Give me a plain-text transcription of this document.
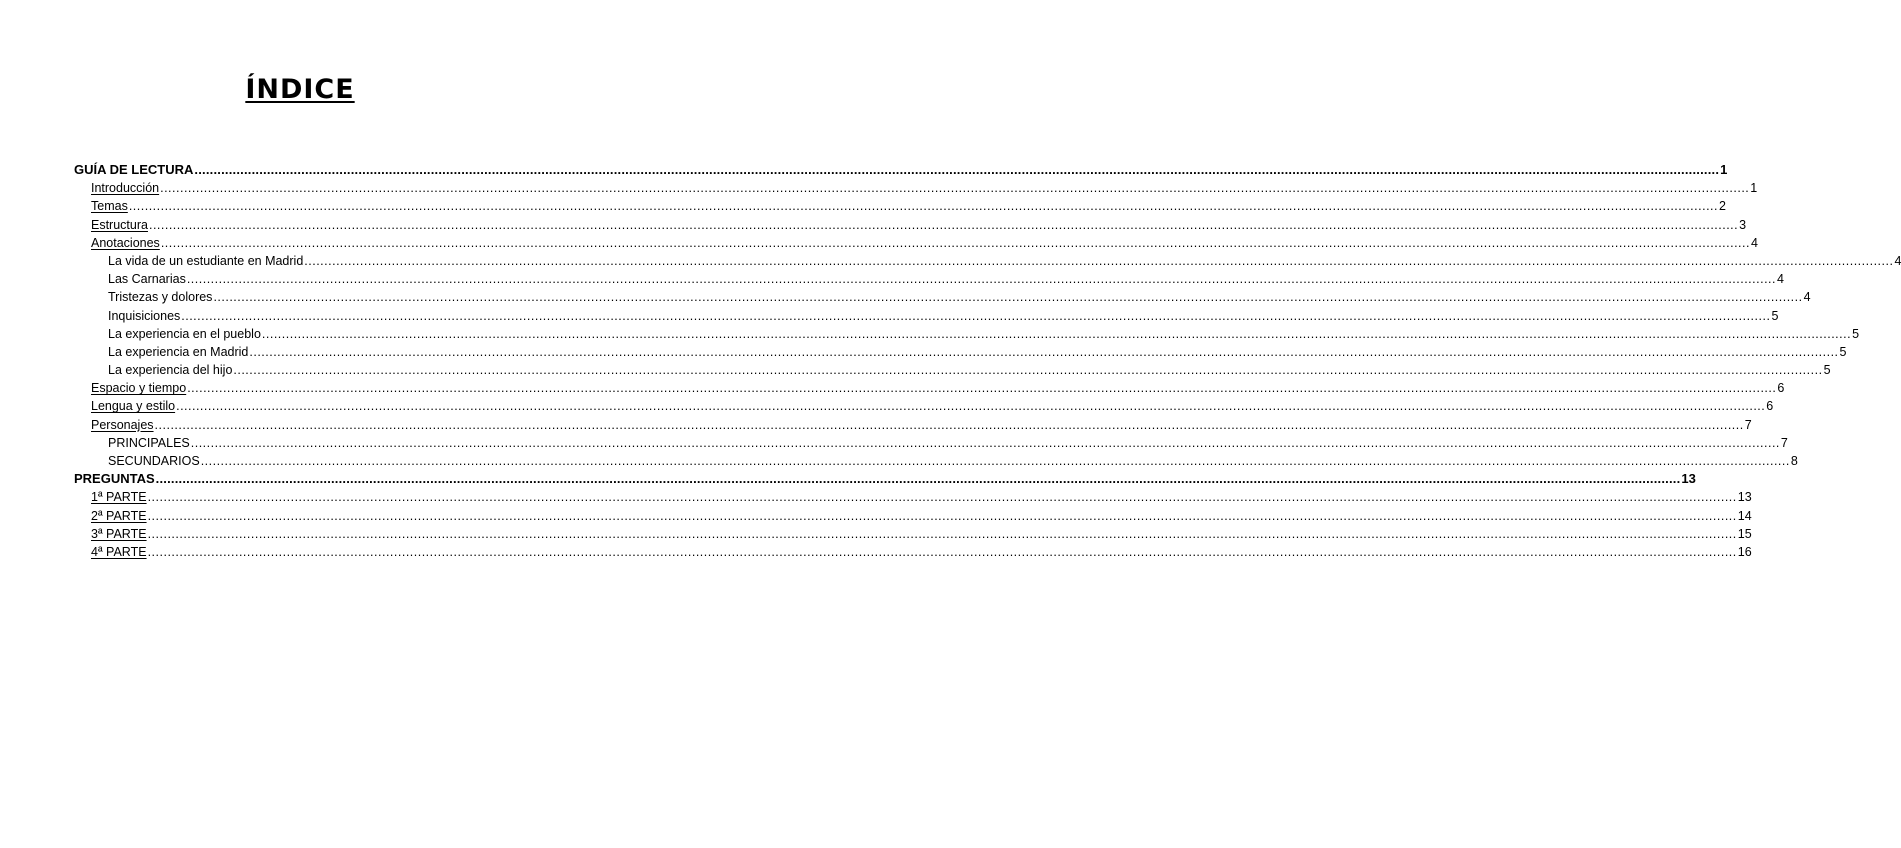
ÍNDICE
GUÍA DE LECTURA ................................................................................................................................................................................................................................................................................................................................................................................................................ 1
Introducción ................................................................................................................................................................................................................................................................................................................................................................................................................ 1
Temas ................................................................................................................................................................................................................................................................................................................................................................................................................ 2
Estructura ................................................................................................................................................................................................................................................................................................................................................................................................................ 3
Anotaciones ................................................................................................................................................................................................................................................................................................................................................................................................................ 4
La vida de un estudiante en Madrid ................................................................................................................................................................................................................................................................................................................................................................................................................ 4
Las Carnarias ................................................................................................................................................................................................................................................................................................................................................................................................................ 4
Tristezas y dolores ................................................................................................................................................................................................................................................................................................................................................................................................................ 4
Inquisiciones ................................................................................................................................................................................................................................................................................................................................................................................................................ 5
La experiencia en el pueblo ................................................................................................................................................................................................................................................................................................................................................................................................................ 5
La experiencia en Madrid ................................................................................................................................................................................................................................................................................................................................................................................................................ 5
La experiencia del hijo ................................................................................................................................................................................................................................................................................................................................................................................................................ 5
Espacio y tiempo ................................................................................................................................................................................................................................................................................................................................................................................................................ 6
Lengua y estilo ................................................................................................................................................................................................................................................................................................................................................................................................................ 6
Personajes ................................................................................................................................................................................................................................................................................................................................................................................................................ 7
PRINCIPALES ................................................................................................................................................................................................................................................................................................................................................................................................................ 7
SECUNDARIOS ................................................................................................................................................................................................................................................................................................................................................................................................................ 8
PREGUNTAS ................................................................................................................................................................................................................................................................................................................................................................................................................ 13
1ª PARTE ................................................................................................................................................................................................................................................................................................................................................................................................................ 13
2ª PARTE ................................................................................................................................................................................................................................................................................................................................................................................................................ 14
3ª PARTE ................................................................................................................................................................................................................................................................................................................................................................................................................ 15
4ª PARTE ................................................................................................................................................................................................................................................................................................................................................................................................................ 16
